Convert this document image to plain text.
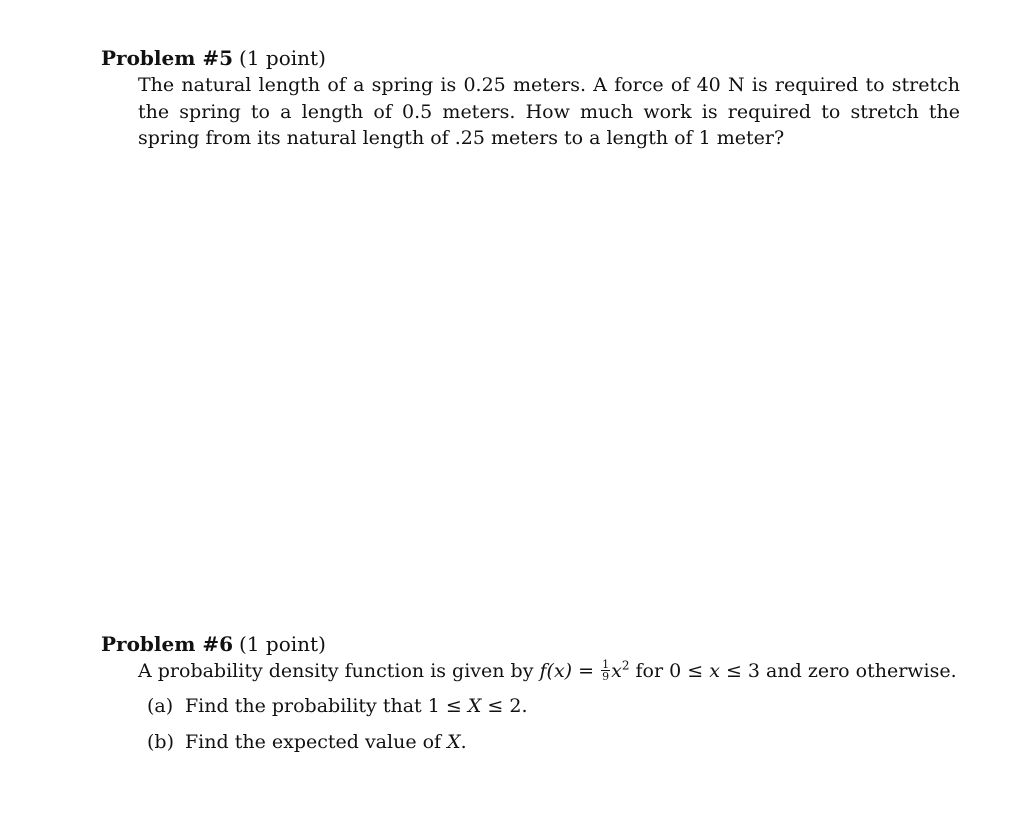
Problem #5 (1 point)
The natural length of a spring is 0.25 meters. A force of 40 N is required to stretch the spring to a length of 0.5 meters. How much work is required to stretch the spring from its natural length of .25 meters to a length of 1 meter?
Problem #6 (1 point)
A probability density function is given by $f(x) = \frac{1}{9} x^2$ for 0 ≤ x ≤ 3 and zero otherwise.
(a) Find the probability that 1 ≤ X ≤ 2.
(b) Find the expected value of X.
